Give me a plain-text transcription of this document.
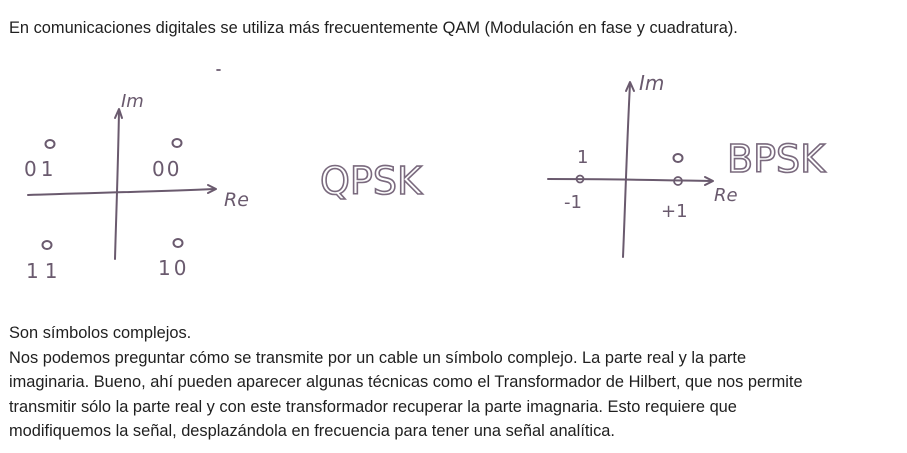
En comunicaciones digitales se utiliza más frecuentemente QAM (Modulación en fase y cuadratura).

Im
Re
01	00
11	10
QPSK
Im
Re
1
-1	+1
BPSK

Son símbolos complejos.

Nos podemos preguntar cómo se transmite por un cable un símbolo complejo. La parte real y la parte

imaginaria. Bueno, ahí pueden aparecer algunas técnicas como el Transformador de Hilbert, que nos permite

transmitir sólo la parte real y con este transformador recuperar la parte imagnaria. Esto requiere que

modifiquemos la señal, desplazándola en frecuencia para tener una señal analítica.
